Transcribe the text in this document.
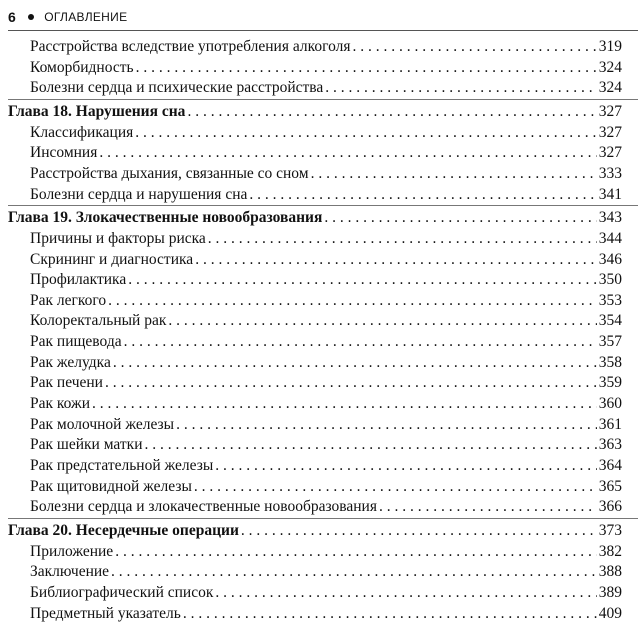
6 ОГЛАВЛЕНИЕ
Расстройства вследствие употребления алкоголя . . .	319
Коморбидность . . .	324
Болезни сердца и психические расстройства . . .	324
Глава 18. Нарушения сна . . .	327
Классификация . . .	327
Инсомния . . .	327
Расстройства дыхания, связанные со сном . . .	333
Болезни сердца и нарушения сна . . .	341
Глава 19. Злокачественные новообразования . . .	343
Причины и факторы риска . . .	344
Скрининг и диагностика . . .	346
Профилактика . . .	350
Рак легкого . . .	353
Колоректальный рак . . .	354
Рак пищевода . . .	357
Рак желудка . . .	358
Рак печени . . .	359
Рак кожи . . .	360
Рак молочной железы . . .	361
Рак шейки матки . . .	363
Рак предстательной железы . . .	364
Рак щитовидной железы . . .	365
Болезни сердца и злокачественные новообразования . . .	366
Глава 20. Несердечные операции . . .	373
Приложение . . .	382
Заключение . . .	388
Библиографический список . . .	389
Предметный указатель . . .	409
